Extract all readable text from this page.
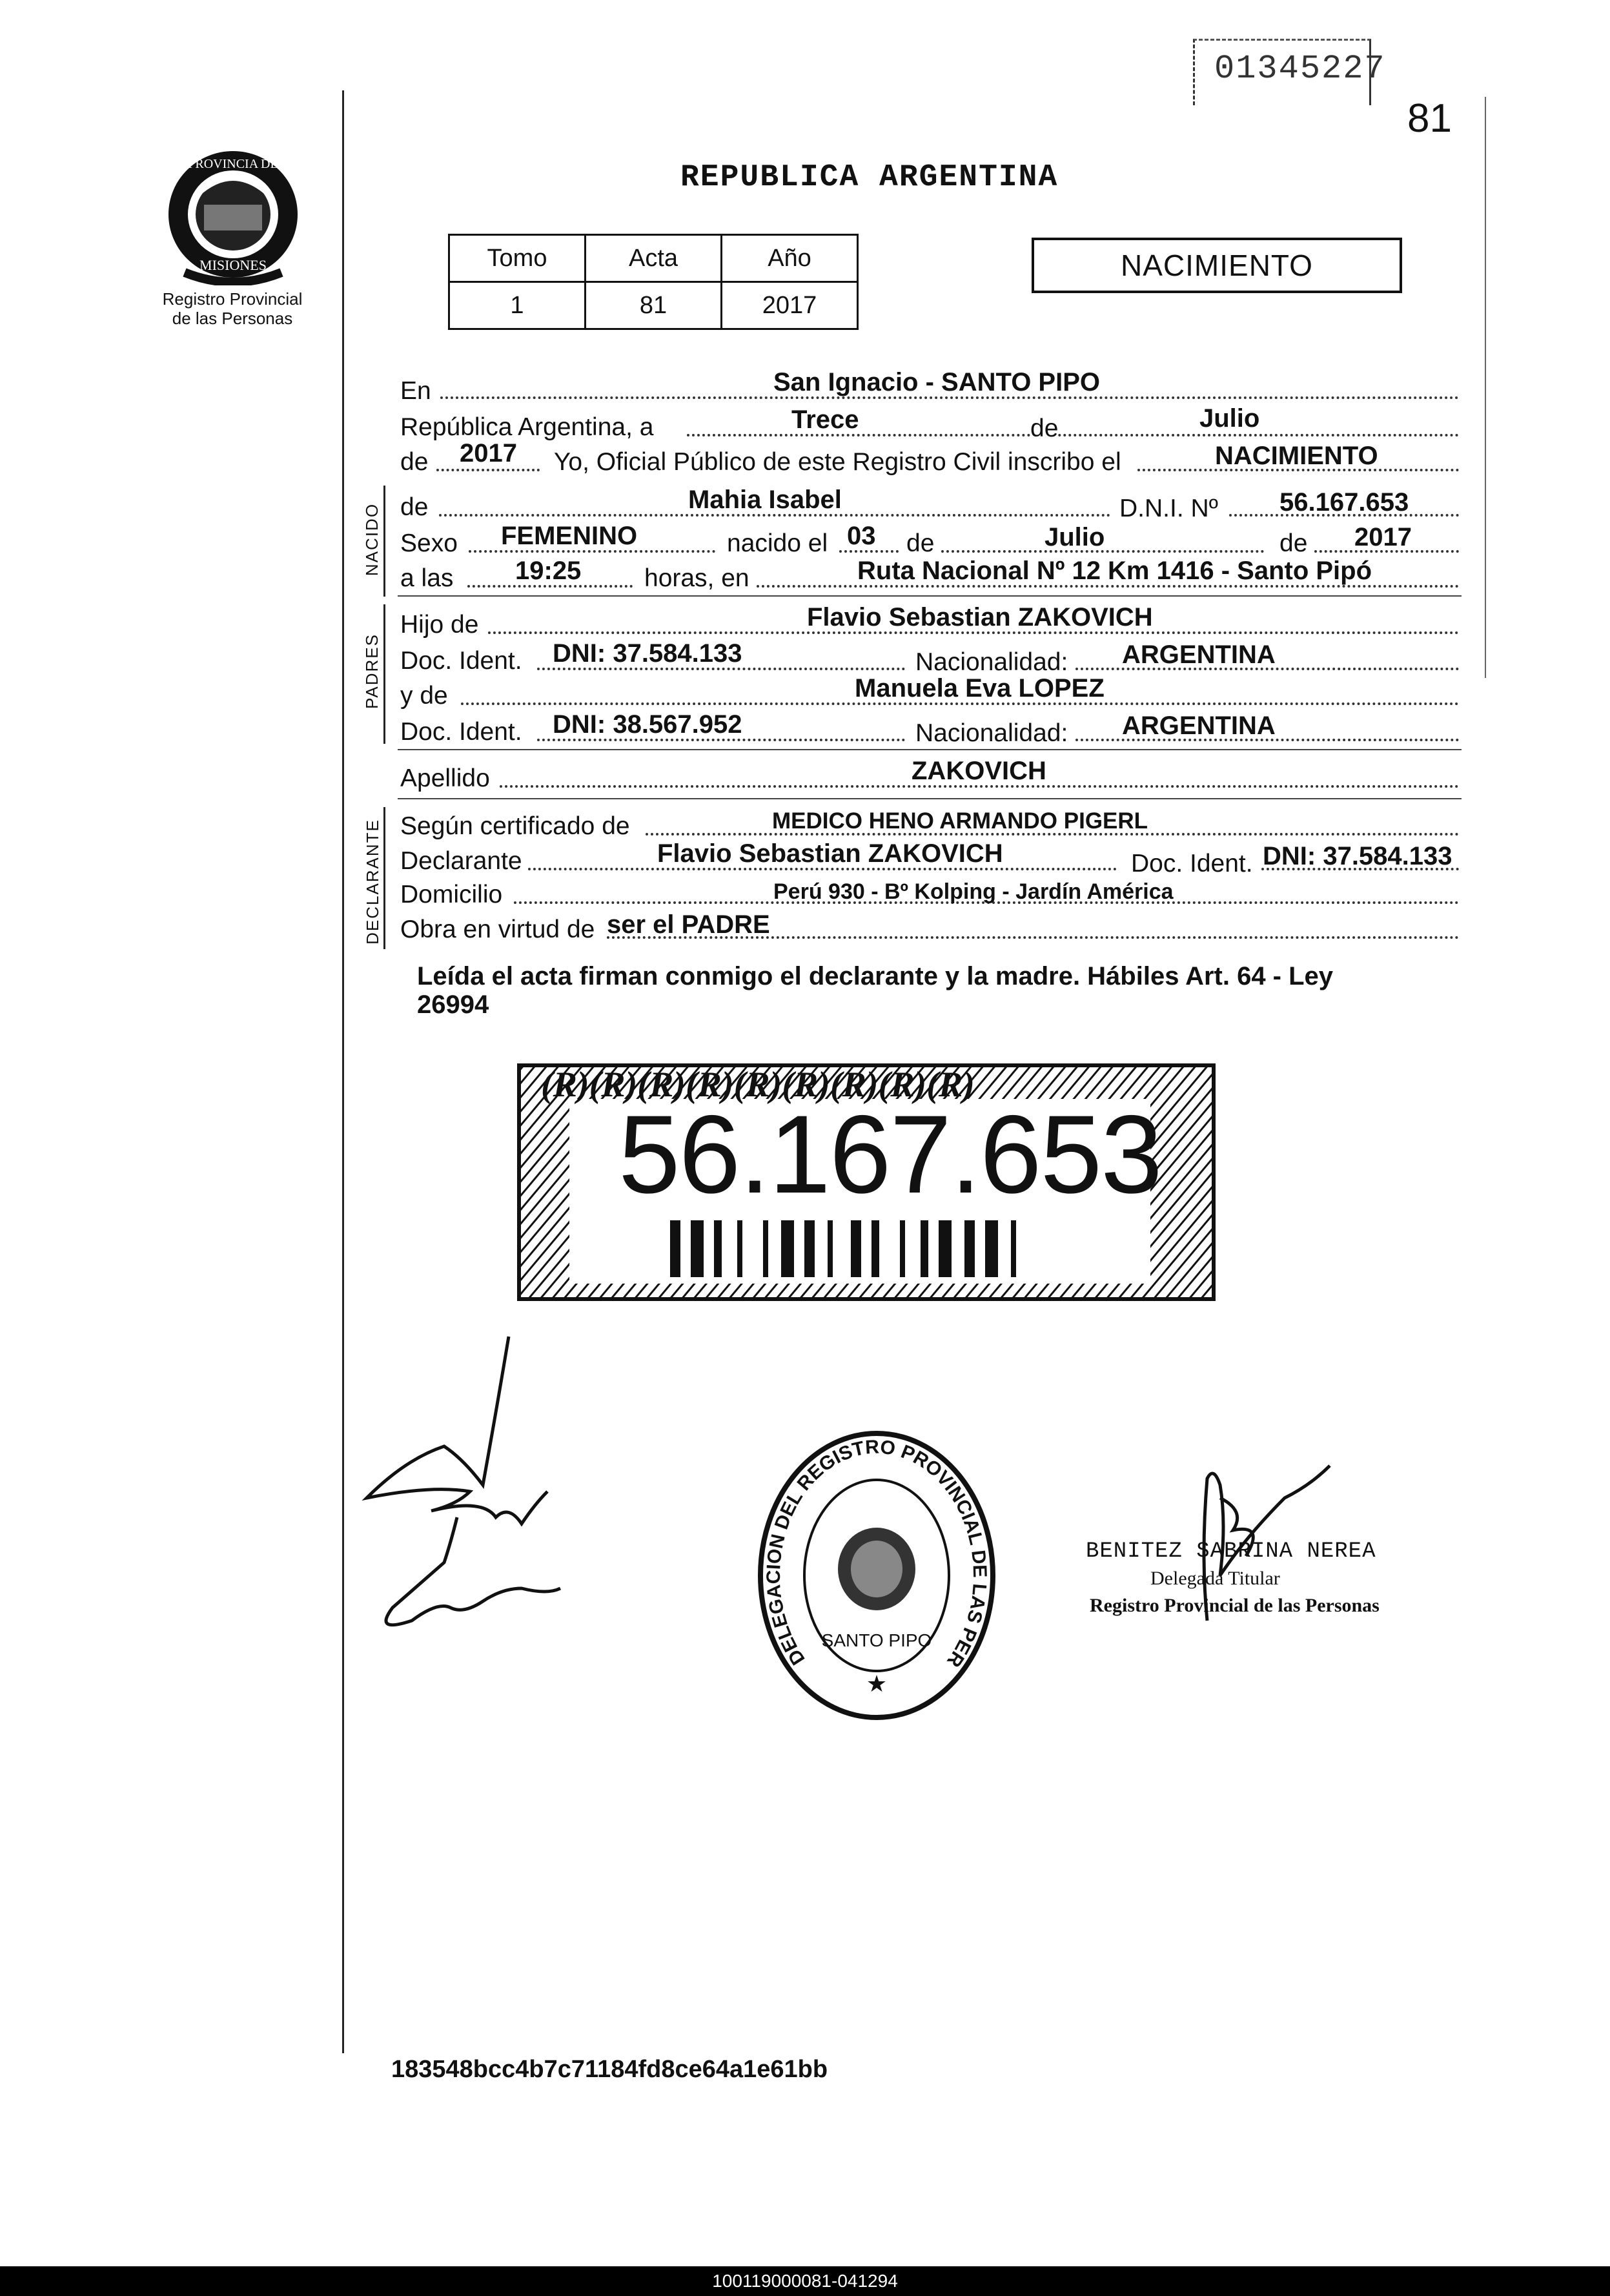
01345227
81
REPUBLICA ARGENTINA
PROVINCIA DE
MISIONES
Registro Provincial
de las Personas
Tomo	Acta	Año
1	81	2017
NACIMIENTO
En	San Ignacio - SANTO PIPO
República Argentina, a	Trece	de	Julio
de 2017 Yo, Oficial Público de este Registro Civil inscribo el	NACIMIENTO
NACIDO de	Mahia Isabel	D.N.I. Nº 56.167.653
Sexo FEMENINO	nacido el 03 de	Julio	de 2017
a las 19:25	horas, en	Ruta Nacional Nº 12 Km 1416 - Santo Pipó
PADRES
Hijo de	Flavio Sebastian ZAKOVICH
Doc. Ident. DNI: 37.584.133	Nacionalidad: ARGENTINA
y de	Manuela Eva LOPEZ
Doc. Ident. DNI: 38.567.952	Nacionalidad: ARGENTINA
Apellido	ZAKOVICH
DECLARANTE Según certificado de	MEDICO HENO ARMANDO PIGERL
Declarante	Flavio Sebastian ZAKOVICH	Doc. Ident. DNI: 37.584.133
Domicilio	Perú 930 - Bº Kolping - Jardín América
Obra en virtud de ser el PADRE
Leída el acta firman conmigo el declarante y la madre. Hábiles Art. 64 - Ley
26994
(R)(R)(R)(R)(R)(R)(R)(R)(R)
56.167.653
DELEGACION DEL REGISTRO PROVINCIAL DE LAS PER
SANTO PIPO
★
BENITEZ SABRINA NEREA
Delegada Titular
Registro Provincial de las Personas
183548bcc4b7c71184fd8ce64a1e61bb
100119000081-041294
